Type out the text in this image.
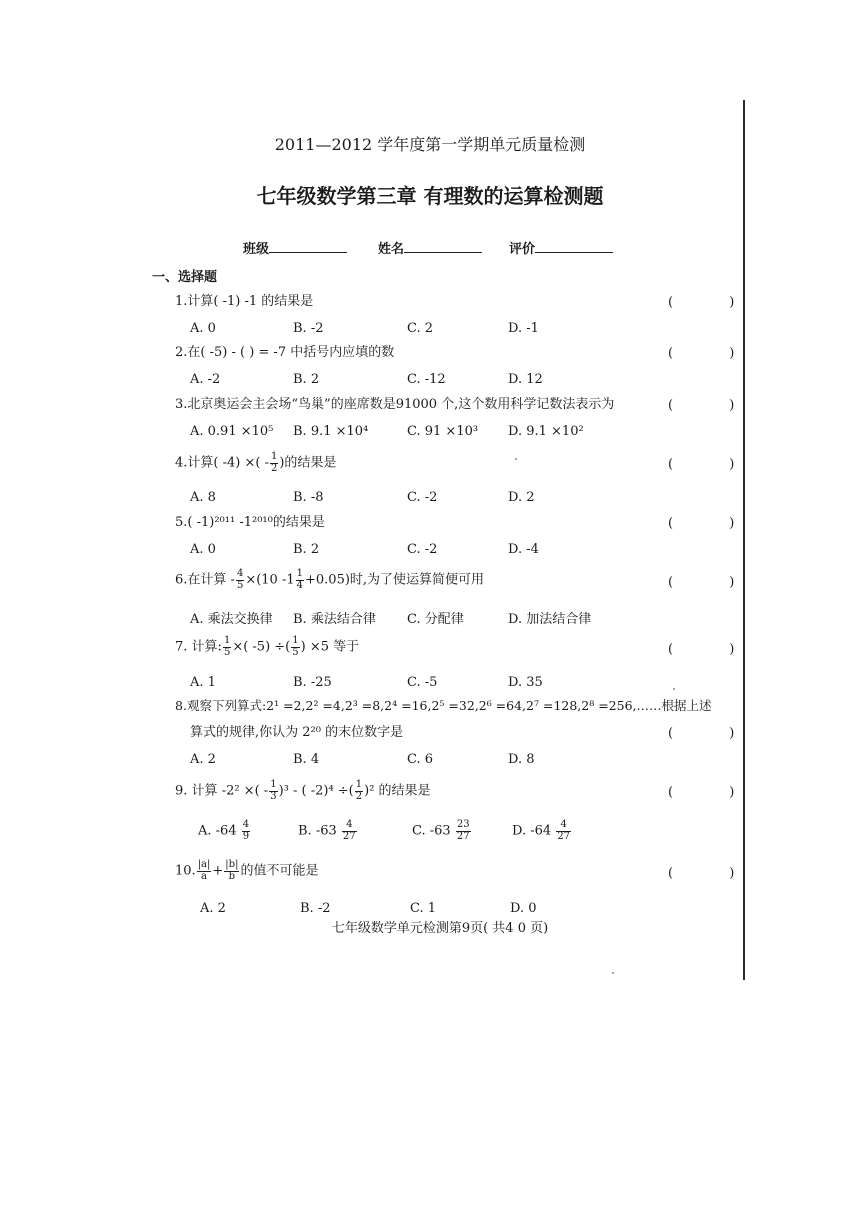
2011—2012 学年度第一学期单元质量检测
七年级数学第三章 有理数的运算检测题
班级	姓名	评价
一、选择题
1.计算( -1) -1 的结果是	( )
A. 0	B. -2	C. 2	D. -1
2.在( -5) - ( ) = -7 中括号内应填的数	( )
A. -2	B. 2	C. -12	D. 12
3.北京奥运会主会场“鸟巢”的座席数是91000 个,这个数用科学记数法表示为	( )
A. 0.91 ×10⁵ B. 9.1 ×10⁴	C. 91 ×10³ D. 9.1 ×10²
4.计算( -4) ×( - $\frac{1}{2}$ )的结果是	( )
A. 8	B. -8	C. -2	D. 2
5.( -1)²⁰¹¹ -1²⁰¹⁰的结果是	( )
A. 0	B. 2	C. -2	D. -4
6.在计算 - $\frac{4}{5} \times(10$ $-1 \frac{1}{4} +0.05$)时,为了使运算简便可用	( )
A. 乘法交换律 B. 乘法结合律 C. 分配律	D. 加法结合律
7. 计算: $\frac{1}{5}$ ×( -5) ÷( $\frac{1}{5}$ ) ×5 等于	( )
A. 1	B. -25	C. -5	D. 35
8.观察下列算式:2¹ =2,2² =4,2³ =8,2⁴ =16,2⁵ =32,2⁶ =64,2⁷ =128,2⁸ =256,……根据上述
算式的规律,你认为 2²⁰ 的末位数字是	( )
A. 2	B. 4	C. 6	D. 8
9. 计算 -2² ×( - $\frac{1}{3} )^3$ - ( -2)⁴ ÷( $\frac{1}{2} )^2$ 的结果是	( )
A. $-64 \frac{4}{9}$	B. $-63 \frac{4}{27}$	C. $-63 \frac{23}{27}$	D. $-64 \frac{4}{27}$
10. $\frac{|a|}{a} + \frac{|b|}{b}$ 的值不可能是	( )
A. 2	B. -2	C. 1	D. 0
七年级数学单元检测第9页( 共4 0 页)
